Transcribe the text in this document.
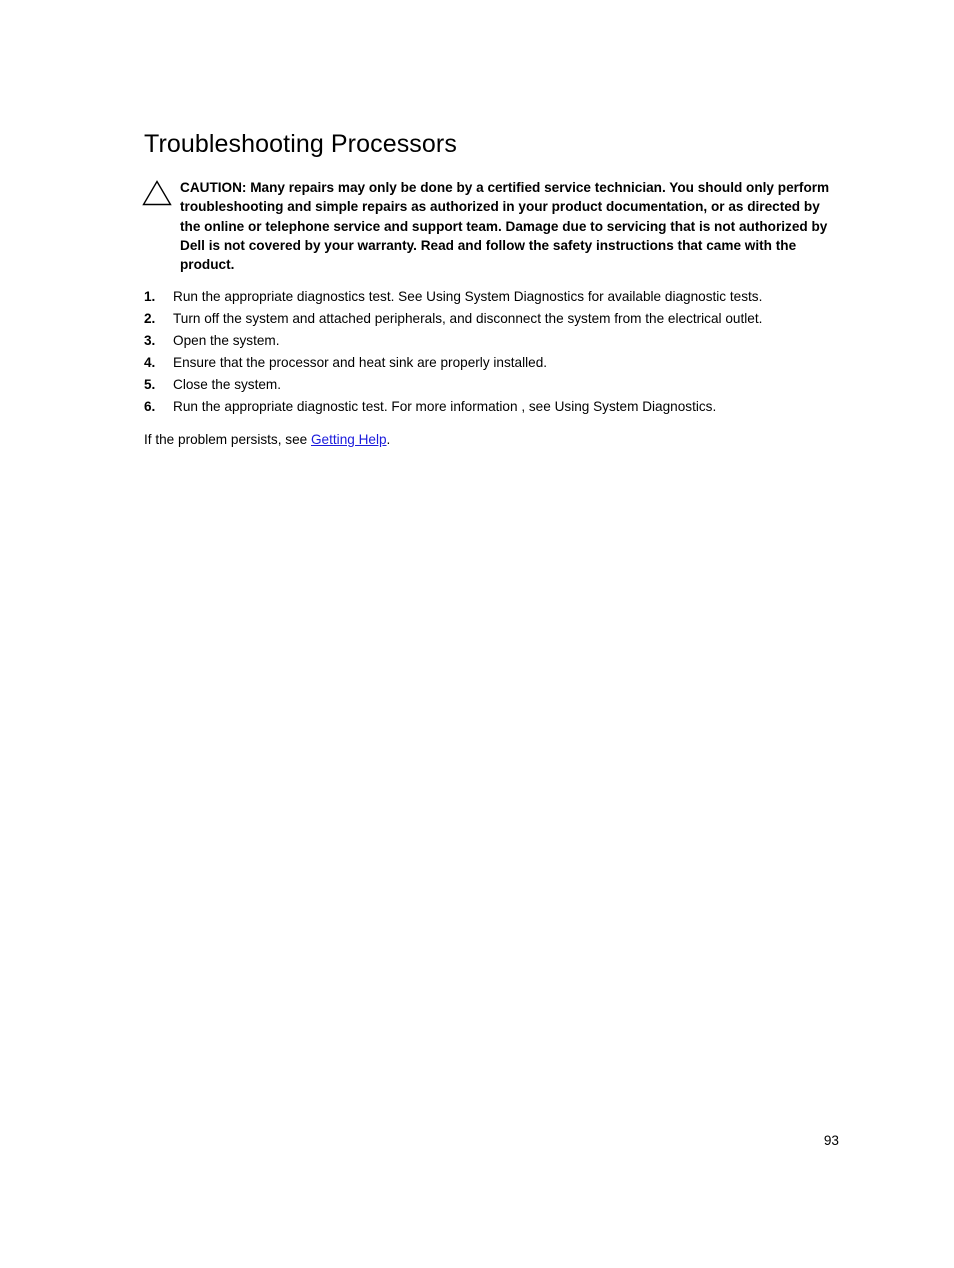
Troubleshooting Processors
CAUTION: Many repairs may only be done by a certified service technician. You should only perform troubleshooting and simple repairs as authorized in your product documentation, or as directed by the online or telephone service and support team. Damage due to servicing that is not authorized by Dell is not covered by your warranty. Read and follow the safety instructions that came with the product.
1. Run the appropriate diagnostics test. See Using System Diagnostics for available diagnostic tests.
2. Turn off the system and attached peripherals, and disconnect the system from the electrical outlet.
3. Open the system.
4. Ensure that the processor and heat sink are properly installed.
5. Close the system.
6. Run the appropriate diagnostic test. For more information , see Using System Diagnostics.

If the problem persists, see Getting Help.

93
